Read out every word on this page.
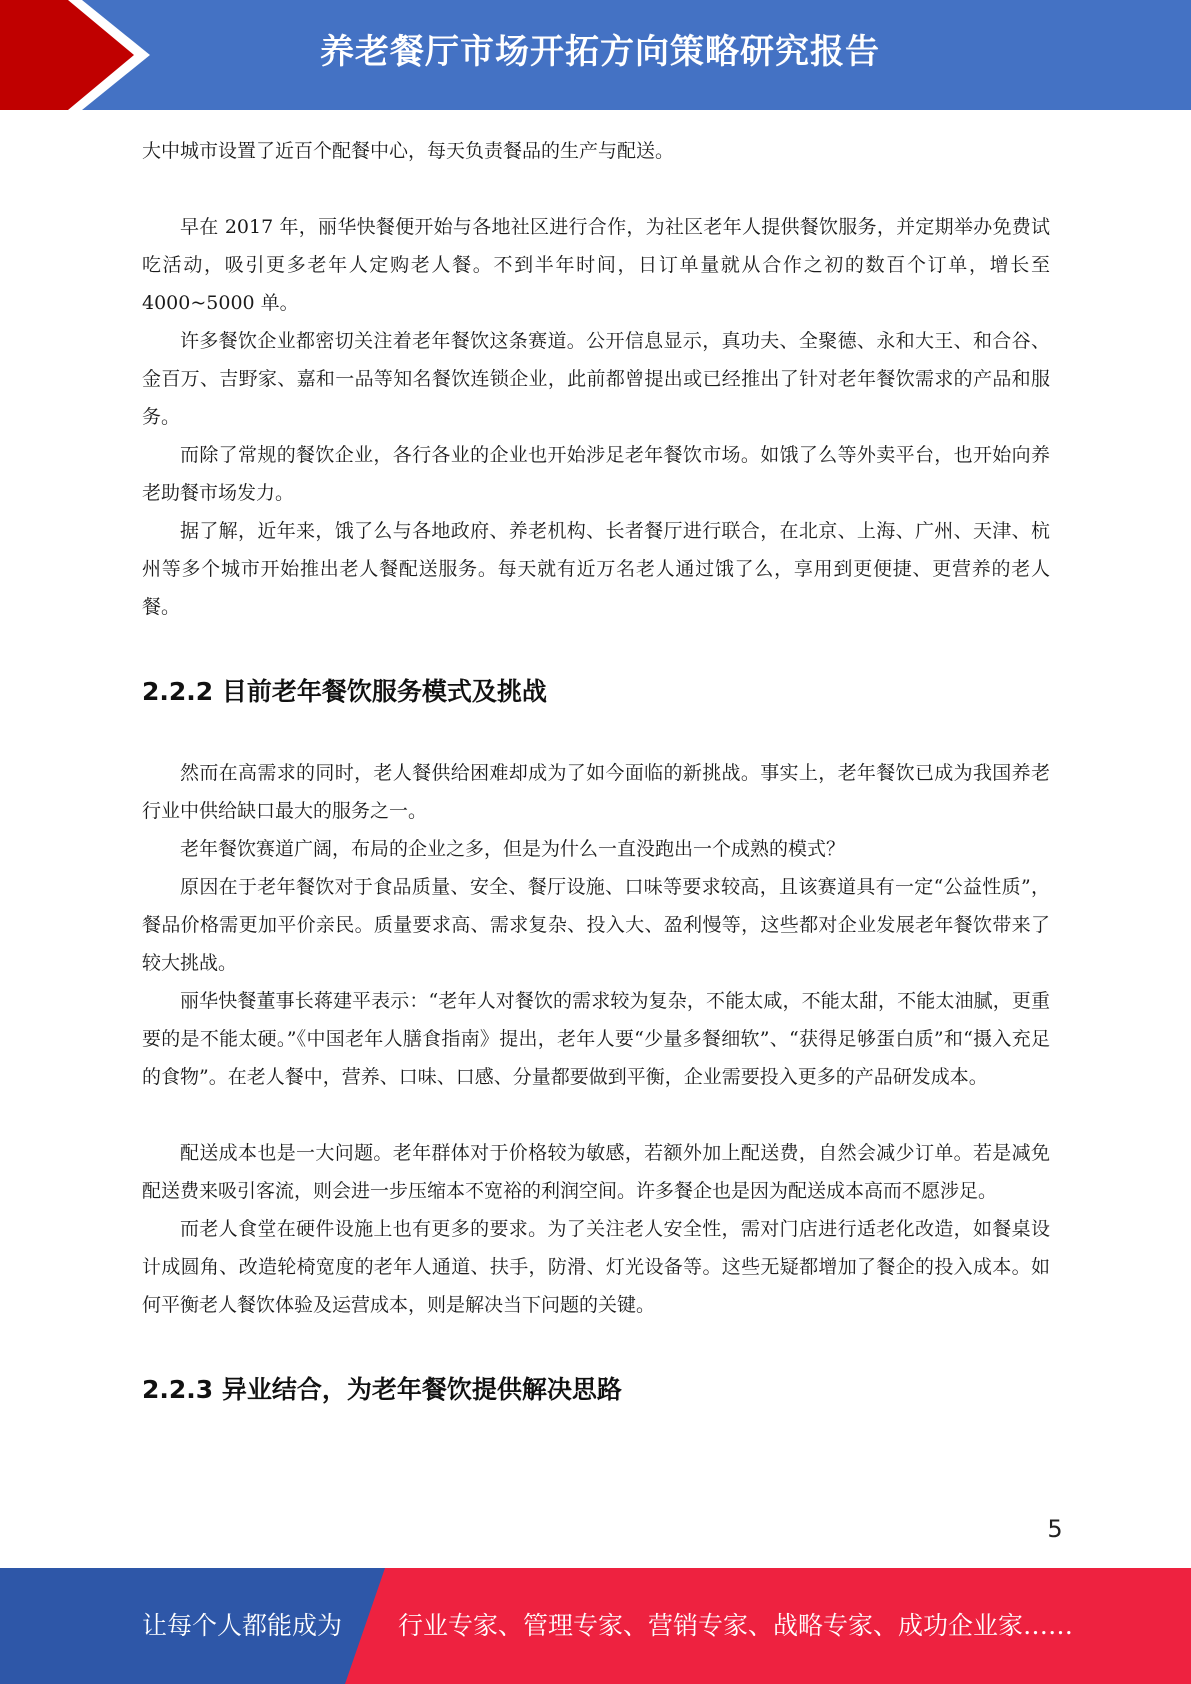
养老餐厅市场开拓方向策略研究报告

大中城市设置了近百个配餐中心，每天负责餐品的生产与配送。

早在 2017 年，丽华快餐便开始与各地社区进行合作，为社区老年人提供餐饮服务，并定期举办免费试吃活动，吸引更多老年人定购老人餐。不到半年时间，日订单量就从合作之初的数百个订单，增长至 4000~5000 单。

许多餐饮企业都密切关注着老年餐饮这条赛道。公开信息显示，真功夫、全聚德、永和大王、和合谷、金百万、吉野家、嘉和一品等知名餐饮连锁企业，此前都曾提出或已经推出了针对老年餐饮需求的产品和服务。

而除了常规的餐饮企业，各行各业的企业也开始涉足老年餐饮市场。如饿了么等外卖平台，也开始向养老助餐市场发力。

据了解，近年来，饿了么与各地政府、养老机构、长者餐厅进行联合，在北京、上海、广州、天津、杭州等多个城市开始推出老人餐配送服务。每天就有近万名老人通过饿了么，享用到更便捷、更营养的老人餐。

2.2.2 目前老年餐饮服务模式及挑战

然而在高需求的同时，老人餐供给困难却成为了如今面临的新挑战。事实上，老年餐饮已成为我国养老行业中供给缺口最大的服务之一。

老年餐饮赛道广阔，布局的企业之多，但是为什么一直没跑出一个成熟的模式？

原因在于老年餐饮对于食品质量、安全、餐厅设施、口味等要求较高，且该赛道具有一定“公益性质”，餐品价格需更加平价亲民。质量要求高、需求复杂、投入大、盈利慢等，这些都对企业发展老年餐饮带来了较大挑战。

丽华快餐董事长蒋建平表示：“老年人对餐饮的需求较为复杂，不能太咸，不能太甜，不能太油腻，更重要的是不能太硬。”《中国老年人膳食指南》提出，老年人要“少量多餐细软”、“获得足够蛋白质”和“摄入充足的食物”。在老人餐中，营养、口味、口感、分量都要做到平衡，企业需要投入更多的产品研发成本。

配送成本也是一大问题。老年群体对于价格较为敏感，若额外加上配送费，自然会减少订单。若是减免配送费来吸引客流，则会进一步压缩本不宽裕的利润空间。许多餐企也是因为配送成本高而不愿涉足。

而老人食堂在硬件设施上也有更多的要求。为了关注老人安全性，需对门店进行适老化改造，如餐桌设计成圆角、改造轮椅宽度的老年人通道、扶手，防滑、灯光设备等。这些无疑都增加了餐企的投入成本。如何平衡老人餐饮体验及运营成本，则是解决当下问题的关键。

2.2.3 异业结合，为老年餐饮提供解决思路
5
让每个人都能成为 行业专家、管理专家、营销专家、战略专家、成功企业家……
